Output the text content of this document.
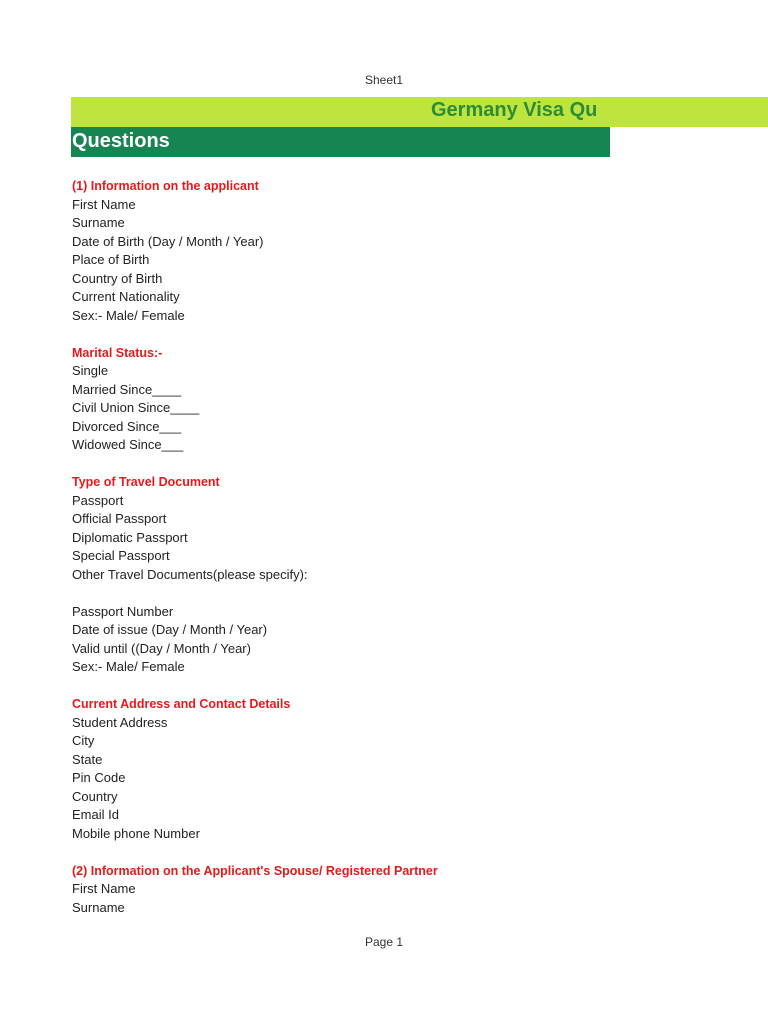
Sheet1
Germany Visa Qu
Questions
(1) Information on the applicant
First Name
Surname
Date of Birth (Day / Month / Year)
Place of Birth
Country of Birth
Current Nationality
Sex:- Male/ Female
Marital Status:-
Single
Married Since____
Civil Union Since____
Divorced Since___
Widowed Since___
Type of Travel Document
Passport
Official Passport
Diplomatic Passport
Special Passport
Other Travel Documents(please specify):
Passport Number
Date of issue (Day / Month / Year)
Valid until ((Day / Month / Year)
Sex:- Male/ Female
Current Address and Contact Details
Student Address
City
State
Pin Code
Country
Email Id
Mobile phone Number
(2) Information on the Applicant's Spouse/ Registered Partner
First Name
Surname
Page 1
